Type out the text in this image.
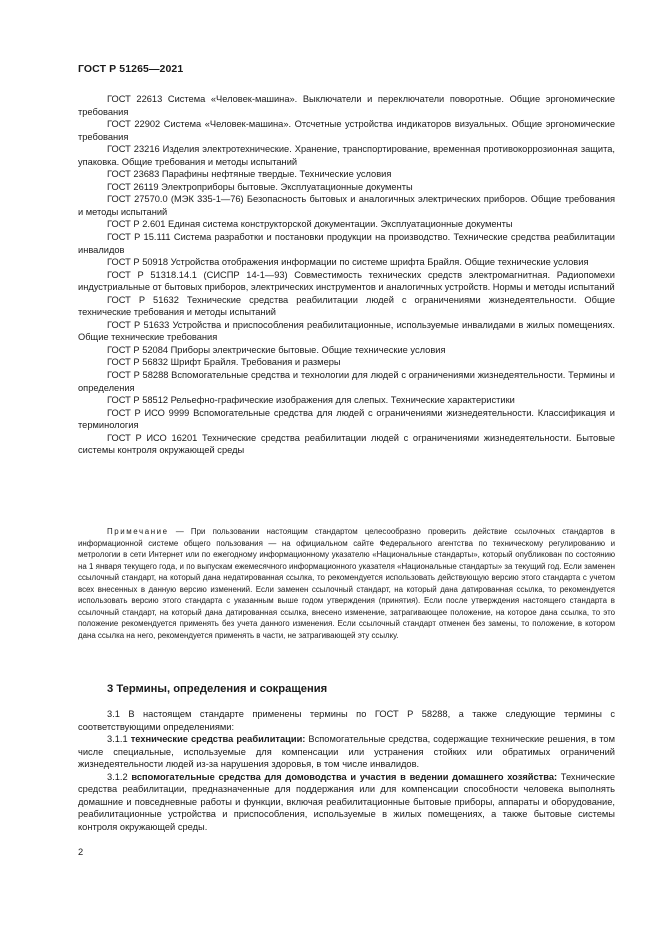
ГОСТ Р 51265—2021

ГОСТ 22613 Система «Человек-машина». Выключатели и переключатели поворотные. Общие эргономические требования

ГОСТ 22902 Система «Человек-машина». Отсчетные устройства индикаторов визуальных. Общие эргономические требования

ГОСТ 23216 Изделия электротехнические. Хранение, транспортирование, временная противокоррозионная защита, упаковка. Общие требования и методы испытаний

ГОСТ 23683 Парафины нефтяные твердые. Технические условия

ГОСТ 26119 Электроприборы бытовые. Эксплуатационные документы

ГОСТ 27570.0 (МЭК 335-1—76) Безопасность бытовых и аналогичных электрических приборов. Общие требования и методы испытаний

ГОСТ Р 2.601 Единая система конструкторской документации. Эксплуатационные документы

ГОСТ Р 15.111 Система разработки и постановки продукции на производство. Технические средства реабилитации инвалидов

ГОСТ Р 50918 Устройства отображения информации по системе шрифта Брайля. Общие технические условия

ГОСТ Р 51318.14.1 (СИСПР 14-1—93) Совместимость технических средств электромагнитная. Радиопомехи индустриальные от бытовых приборов, электрических инструментов и аналогичных устройств. Нормы и методы испытаний

ГОСТ Р 51632 Технические средства реабилитации людей с ограничениями жизнедеятельности. Общие технические требования и методы испытаний

ГОСТ Р 51633 Устройства и приспособления реабилитационные, используемые инвалидами в жилых помещениях. Общие технические требования

ГОСТ Р 52084 Приборы электрические бытовые. Общие технические условия

ГОСТ Р 56832 Шрифт Брайля. Требования и размеры

ГОСТ Р 58288 Вспомогательные средства и технологии для людей с ограничениями жизнедеятельности. Термины и определения

ГОСТ Р 58512 Рельефно-графические изображения для слепых. Технические характеристики

ГОСТ Р ИСО 9999 Вспомогательные средства для людей с ограничениями жизнедеятельности. Классификация и терминология

ГОСТ Р ИСО 16201 Технические средства реабилитации людей с ограничениями жизнедеятельности. Бытовые системы контроля окружающей среды

Примечание — При пользовании настоящим стандартом целесообразно проверить действие ссылочных стандартов в информационной системе общего пользования — на официальном сайте Федерального агентства по техническому регулированию и метрологии в сети Интернет или по ежегодному информационному указателю «Национальные стандарты», который опубликован по состоянию на 1 января текущего года, и по выпускам ежемесячного информационного указателя «Национальные стандарты» за текущий год. Если заменен ссылочный стандарт, на который дана недатированная ссылка, то рекомендуется использовать действующую версию этого стандарта с учетом всех внесенных в данную версию изменений. Если заменен ссылочный стандарт, на который дана датированная ссылка, то рекомендуется использовать версию этого стандарта с указанным выше годом утверждения (принятия). Если после утверждения настоящего стандарта в ссылочный стандарт, на который дана датированная ссылка, внесено изменение, затрагивающее положение, на которое дана ссылка, то это положение рекомендуется применять без учета данного изменения. Если ссылочный стандарт отменен без замены, то положение, в котором дана ссылка на него, рекомендуется применять в части, не затрагивающей эту ссылку.

3 Термины, определения и сокращения

3.1 В настоящем стандарте применены термины по ГОСТ Р 58288, а также следующие термины с соответствующими определениями:

3.1.1 технические средства реабилитации: Вспомогательные средства, содержащие технические решения, в том числе специальные, используемые для компенсации или устранения стойких или обратимых ограничений жизнедеятельности людей из-за нарушения здоровья, в том числе инвалидов.

3.1.2 вспомогательные средства для домоводства и участия в ведении домашнего хозяйства: Технические средства реабилитации, предназначенные для поддержания или для компенсации способности человека выполнять домашние и повседневные работы и функции, включая реабилитационные бытовые приборы, аппараты и оборудование, реабилитационные устройства и приспособления, используемые в жилых помещениях, а также бытовые системы контроля окружающей среды.

2
